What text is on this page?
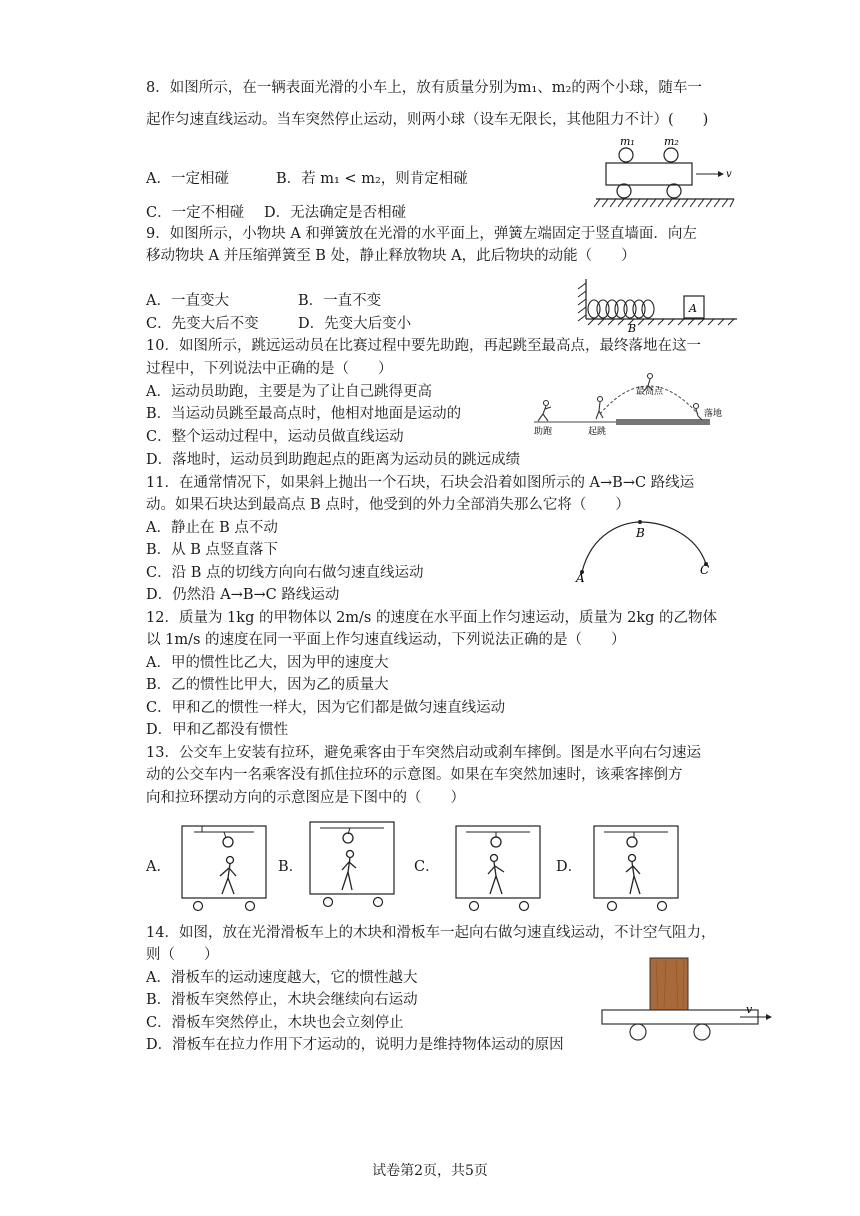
8．如图所示，在一辆表面光滑的小车上，放有质量分别为m₁、m₂的两个小球，随车一
起作匀速直线运动。当车突然停止运动，则两小球（设车无限长，其他阻力不计）(　　)
A．一定相碰	B．若 m₁ < m₂，则肯定相碰
C．一定不相碰 D．无法确定是否相碰
m₁	m₂
v
9．如图所示，小物块 A 和弹簧放在光滑的水平面上，弹簧左端固定于竖直墙面．向左
移动物块 A 并压缩弹簧至 B 处，静止释放物块 A，此后物块的动能（　　）
A．一直变大	B．一直不变
C．先变大后不变	D．先变大后变小
A
B
10．如图所示，跳远运动员在比赛过程中要先助跑，再起跳至最高点，最终落地在这一
过程中，下列说法中正确的是（　　）
A．运动员助跑，主要是为了让自己跳得更高
B．当运动员跳至最高点时，他相对地面是运动的
C．整个运动过程中，运动员做直线运动
D．落地时，运动员到助跑起点的距离为运动员的跳远成绩
助跑	起跳
最高点
落地
11．在通常情况下，如果斜上抛出一个石块，石块会沿着如图所示的 A→B→C 路线运
动。如果石块达到最高点 B 点时，他受到的外力全部消失那么它将（　　）
A．静止在 B 点不动
B．从 B 点竖直落下
C．沿 B 点的切线方向向右做匀速直线运动
D．仍然沿 A→B→C 路线运动
A
B
C
12．质量为 1kg 的甲物体以 2m/s 的速度在水平面上作匀速运动，质量为 2kg 的乙物体
以 1m/s 的速度在同一平面上作匀速直线运动，下列说法正确的是（　　）
A．甲的惯性比乙大，因为甲的速度大
B．乙的惯性比甲大，因为乙的质量大
C．甲和乙的惯性一样大，因为它们都是做匀速直线运动
D．甲和乙都没有惯性
13．公交车上安装有拉环，避免乘客由于车突然启动或刹车摔倒。图是水平向右匀速运
动的公交车内一名乘客没有抓住拉环的示意图。如果在车突然加速时，该乘客摔倒方
向和拉环摆动方向的示意图应是下图中的（　　）
A．	B．	C．	D．
14．如图，放在光滑滑板车上的木块和滑板车一起向右做匀速直线运动，不计空气阻力，
则（　　）
A．滑板车的运动速度越大，它的惯性越大
B．滑板车突然停止，木块会继续向右运动
C．滑板车突然停止，木块也会立刻停止
D．滑板车在拉力作用下才运动的，说明力是维持物体运动的原因
v
试卷第2页，共5页
